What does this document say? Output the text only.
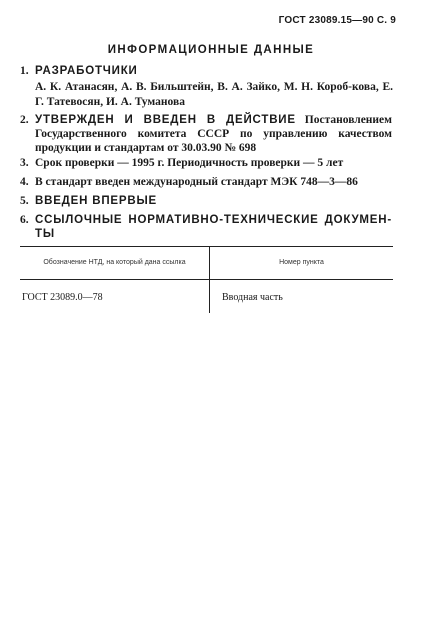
ГОСТ 23089.15—90 С. 9
ИНФОРМАЦИОННЫЕ ДАННЫЕ
1. РАЗРАБОТЧИКИ
А. К. Атанасян, А. В. Бильштейн, В. А. Зайко, М. Н. Короб-кова, Е. Г. Татевосян, И. А. Туманова
2. УТВЕРЖДЕН И ВВЕДЕН В ДЕЙСТВИЕ Постановлением Государственного комитета СССР по управлению качеством продукции и стандартам от 30.03.90 № 698
3. Срок проверки — 1995 г. Периодичность проверки — 5 лет
4. В стандарт введен международный стандарт МЭК 748—3—86
5. ВВЕДЕН ВПЕРВЫЕ
6. ССЫЛОЧНЫЕ НОРМАТИВНО-ТЕХНИЧЕСКИЕ ДОКУМЕН-ТЫ
Обозначение НТД, на который дана ссылка	Номер пункта
ГОСТ 23089.0—78	Вводная часть
